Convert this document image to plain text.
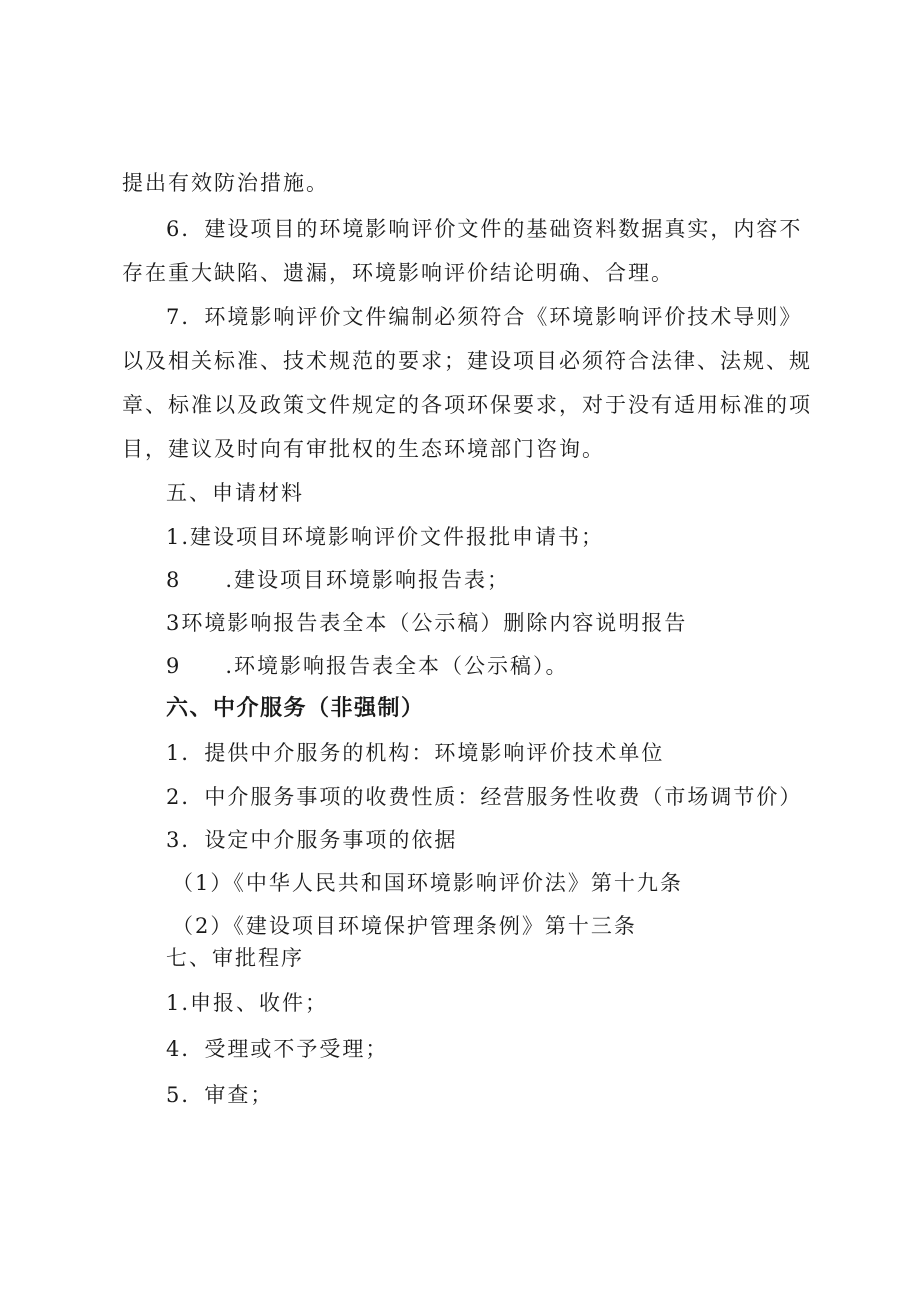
提出有效防治措施。

6．建设项目的环境影响评价文件的基础资料数据真实，内容不

存在重大缺陷、遗漏，环境影响评价结论明确、合理。

7．环境影响评价文件编制必须符合《环境影响评价技术导则》

以及相关标准、技术规范的要求；建设项目必须符合法律、法规、规

章、标准以及政策文件规定的各项环保要求，对于没有适用标准的项

目，建议及时向有审批权的生态环境部门咨询。

五、申请材料

1.建设项目环境影响评价文件报批申请书；

8 .建设项目环境影响报告表；

3环境影响报告表全本（公示稿）删除内容说明报告

9 .环境影响报告表全本（公示稿）。

六、中介服务（非强制）

1．提供中介服务的机构：环境影响评价技术单位

2．中介服务事项的收费性质：经营服务性收费（市场调节价）

3．设定中介服务事项的依据

（1）《中华人民共和国环境影响评价法》第十九条

（2）《建设项目环境保护管理条例》第十三条

七、审批程序

1.申报、收件；

4．受理或不予受理；

5．审查；
